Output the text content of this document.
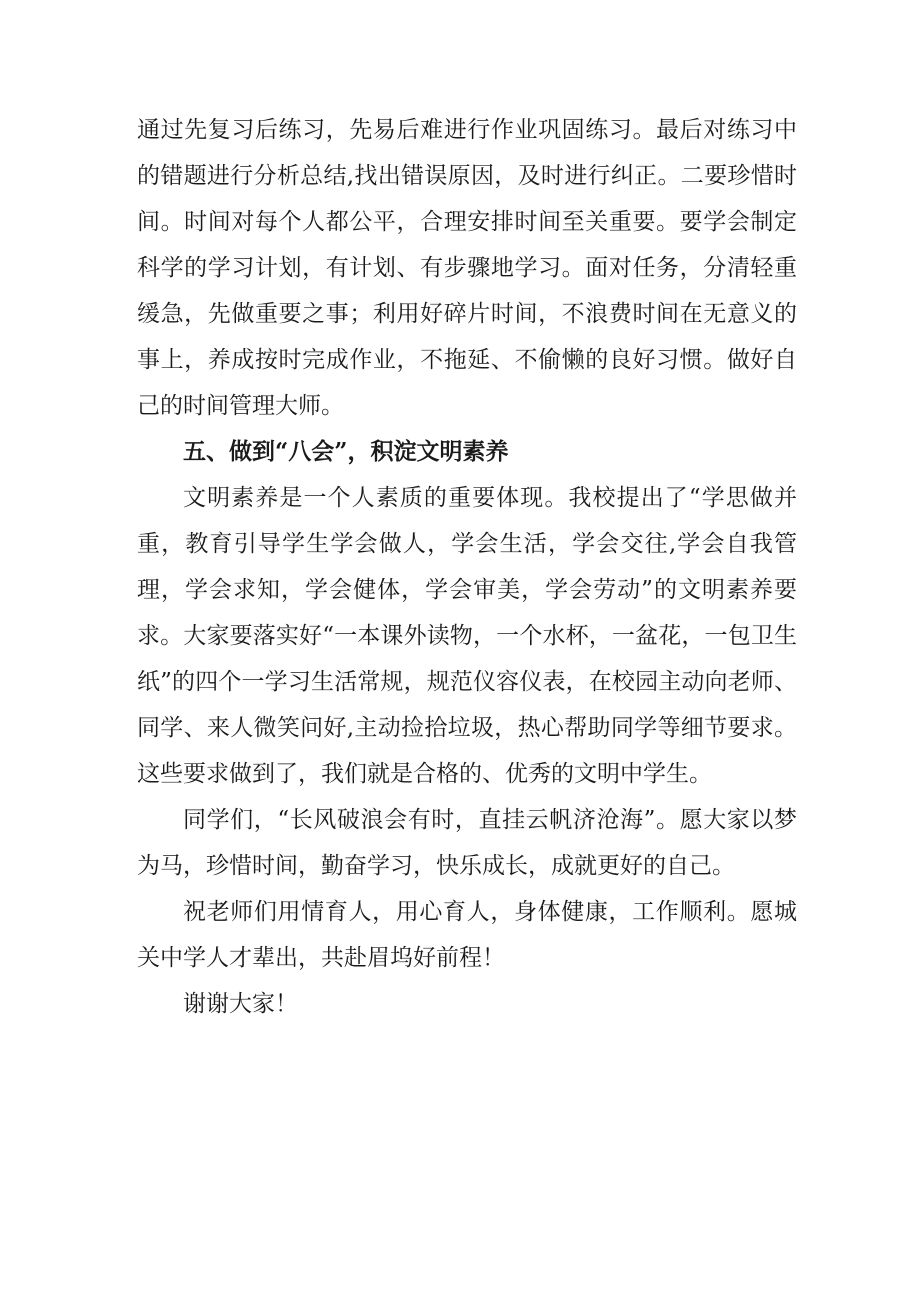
通过先复习后练习，先易后难进行作业巩固练习。最后对练习中的错题进行分析总结,找出错误原因，及时进行纠正。二要珍惜时间。时间对每个人都公平，合理安排时间至关重要。要学会制定科学的学习计划，有计划、有步骤地学习。面对任务，分清轻重缓急，先做重要之事；利用好碎片时间，不浪费时间在无意义的事上，养成按时完成作业，不拖延、不偷懒的良好习惯。做好自己的时间管理大师。

五、做到“八会”，积淀文明素养

文明素养是一个人素质的重要体现。我校提出了“学思做并重，教育引导学生学会做人，学会生活，学会交往,学会自我管理，学会求知，学会健体，学会审美，学会劳动”的文明素养要求。大家要落实好“一本课外读物，一个水杯，一盆花，一包卫生纸”的四个一学习生活常规，规范仪容仪表，在校园主动向老师、同学、来人微笑问好,主动捡拾垃圾，热心帮助同学等细节要求。这些要求做到了，我们就是合格的、优秀的文明中学生。

同学们，“长风破浪会有时，直挂云帆济沧海”。愿大家以梦为马，珍惜时间，勤奋学习，快乐成长，成就更好的自己。

祝老师们用情育人，用心育人，身体健康，工作顺利。愿城关中学人才辈出，共赴眉坞好前程！

谢谢大家！
